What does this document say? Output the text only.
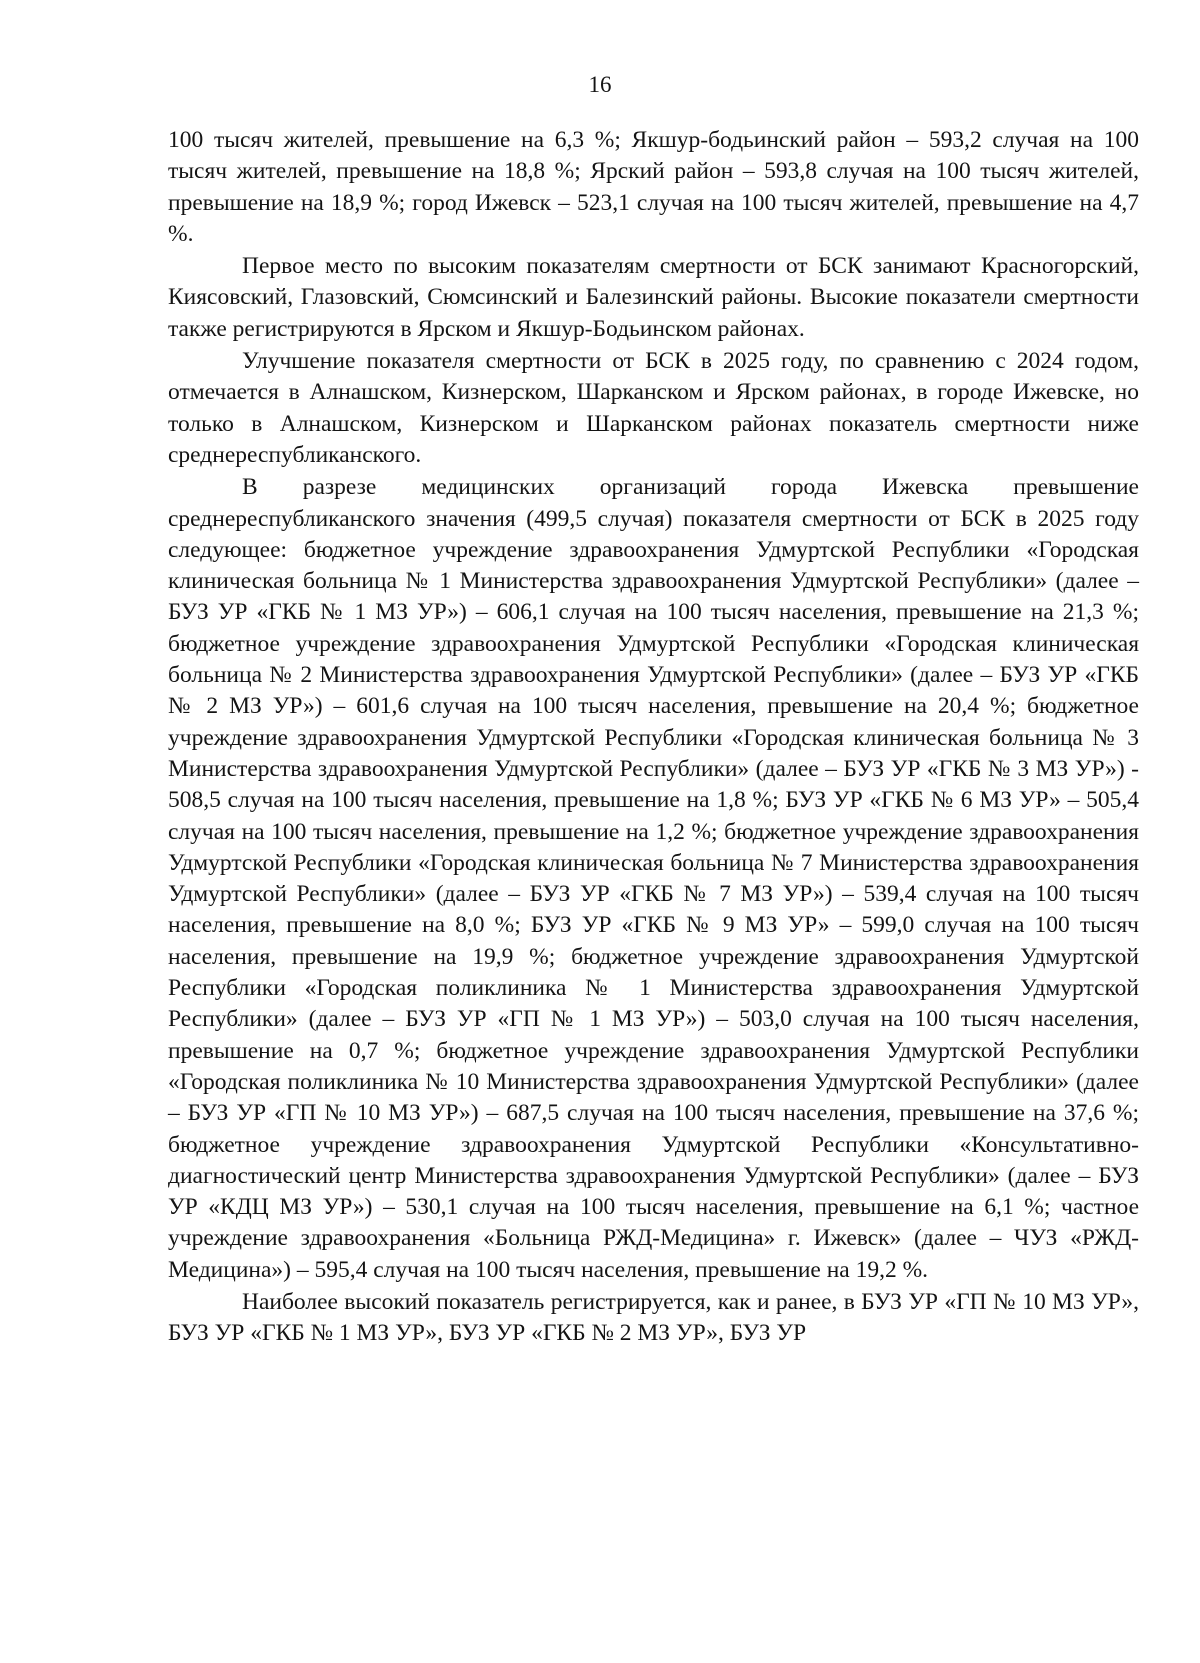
16

100 тысяч жителей, превышение на 6,3 %; Якшур-бодьинский район – 593,2 случая на 100 тысяч жителей, превышение на 18,8 %; Ярский район – 593,8 случая на 100 тысяч жителей, превышение на 18,9 %; город Ижевск – 523,1 случая на 100 тысяч жителей, превышение на 4,7 %.

Первое место по высоким показателям смертности от БСК занимают Красногорский, Киясовский, Глазовский, Сюмсинский и Балезинский районы. Высокие показатели смертности также регистрируются в Ярском и Якшур-Бодьинском районах.

Улучшение показателя смертности от БСК в 2025 году, по сравнению с 2024 годом, отмечается в Алнашском, Кизнерском, Шарканском и Ярском районах, в городе Ижевске, но только в Алнашском, Кизнерском и Шарканском районах показатель смертности ниже среднереспубликанского.

В разрезе медицинских организаций города Ижевска превышение среднереспубликанского значения (499,5 случая) показателя смертности от БСК в 2025 году следующее: бюджетное учреждение здравоохранения Удмуртской Республики «Городская клиническая больница № 1 Министерства здравоохранения Удмуртской Республики» (далее – БУЗ УР «ГКБ № 1 МЗ УР») – 606,1 случая на 100 тысяч населения, превышение на 21,3 %; бюджетное учреждение здравоохранения Удмуртской Республики «Городская клиническая больница № 2 Министерства здравоохранения Удмуртской Республики» (далее – БУЗ УР «ГКБ № 2 МЗ УР») – 601,6 случая на 100 тысяч населения, превышение на 20,4 %; бюджетное учреждение здравоохранения Удмуртской Республики «Городская клиническая больница № 3 Министерства здравоохранения Удмуртской Республики» (далее – БУЗ УР «ГКБ № 3 МЗ УР») - 508,5 случая на 100 тысяч населения, превышение на 1,8 %; БУЗ УР «ГКБ № 6 МЗ УР» – 505,4 случая на 100 тысяч населения, превышение на 1,2 %; бюджетное учреждение здравоохранения Удмуртской Республики «Городская клиническая больница № 7 Министерства здравоохранения Удмуртской Республики» (далее – БУЗ УР «ГКБ № 7 МЗ УР») – 539,4 случая на 100 тысяч населения, превышение на 8,0 %; БУЗ УР «ГКБ № 9 МЗ УР» – 599,0 случая на 100 тысяч населения, превышение на 19,9 %; бюджетное учреждение здравоохранения Удмуртской Республики «Городская поликлиника № 1 Министерства здравоохранения Удмуртской Республики» (далее – БУЗ УР «ГП № 1 МЗ УР») – 503,0 случая на 100 тысяч населения, превышение на 0,7 %; бюджетное учреждение здравоохранения Удмуртской Республики «Городская поликлиника № 10 Министерства здравоохранения Удмуртской Республики» (далее – БУЗ УР «ГП № 10 МЗ УР») – 687,5 случая на 100 тысяч населения, превышение на 37,6 %; бюджетное учреждение здравоохранения Удмуртской Республики «Консультативно-диагностический центр Министерства здравоохранения Удмуртской Республики» (далее – БУЗ УР «КДЦ МЗ УР») – 530,1 случая на 100 тысяч населения, превышение на 6,1 %; частное учреждение здравоохранения «Больница РЖД-Медицина» г. Ижевск» (далее – ЧУЗ «РЖД-Медицина») – 595,4 случая на 100 тысяч населения, превышение на 19,2 %.

Наиболее высокий показатель регистрируется, как и ранее, в БУЗ УР «ГП № 10 МЗ УР», БУЗ УР «ГКБ № 1 МЗ УР», БУЗ УР «ГКБ № 2 МЗ УР», БУЗ УР
